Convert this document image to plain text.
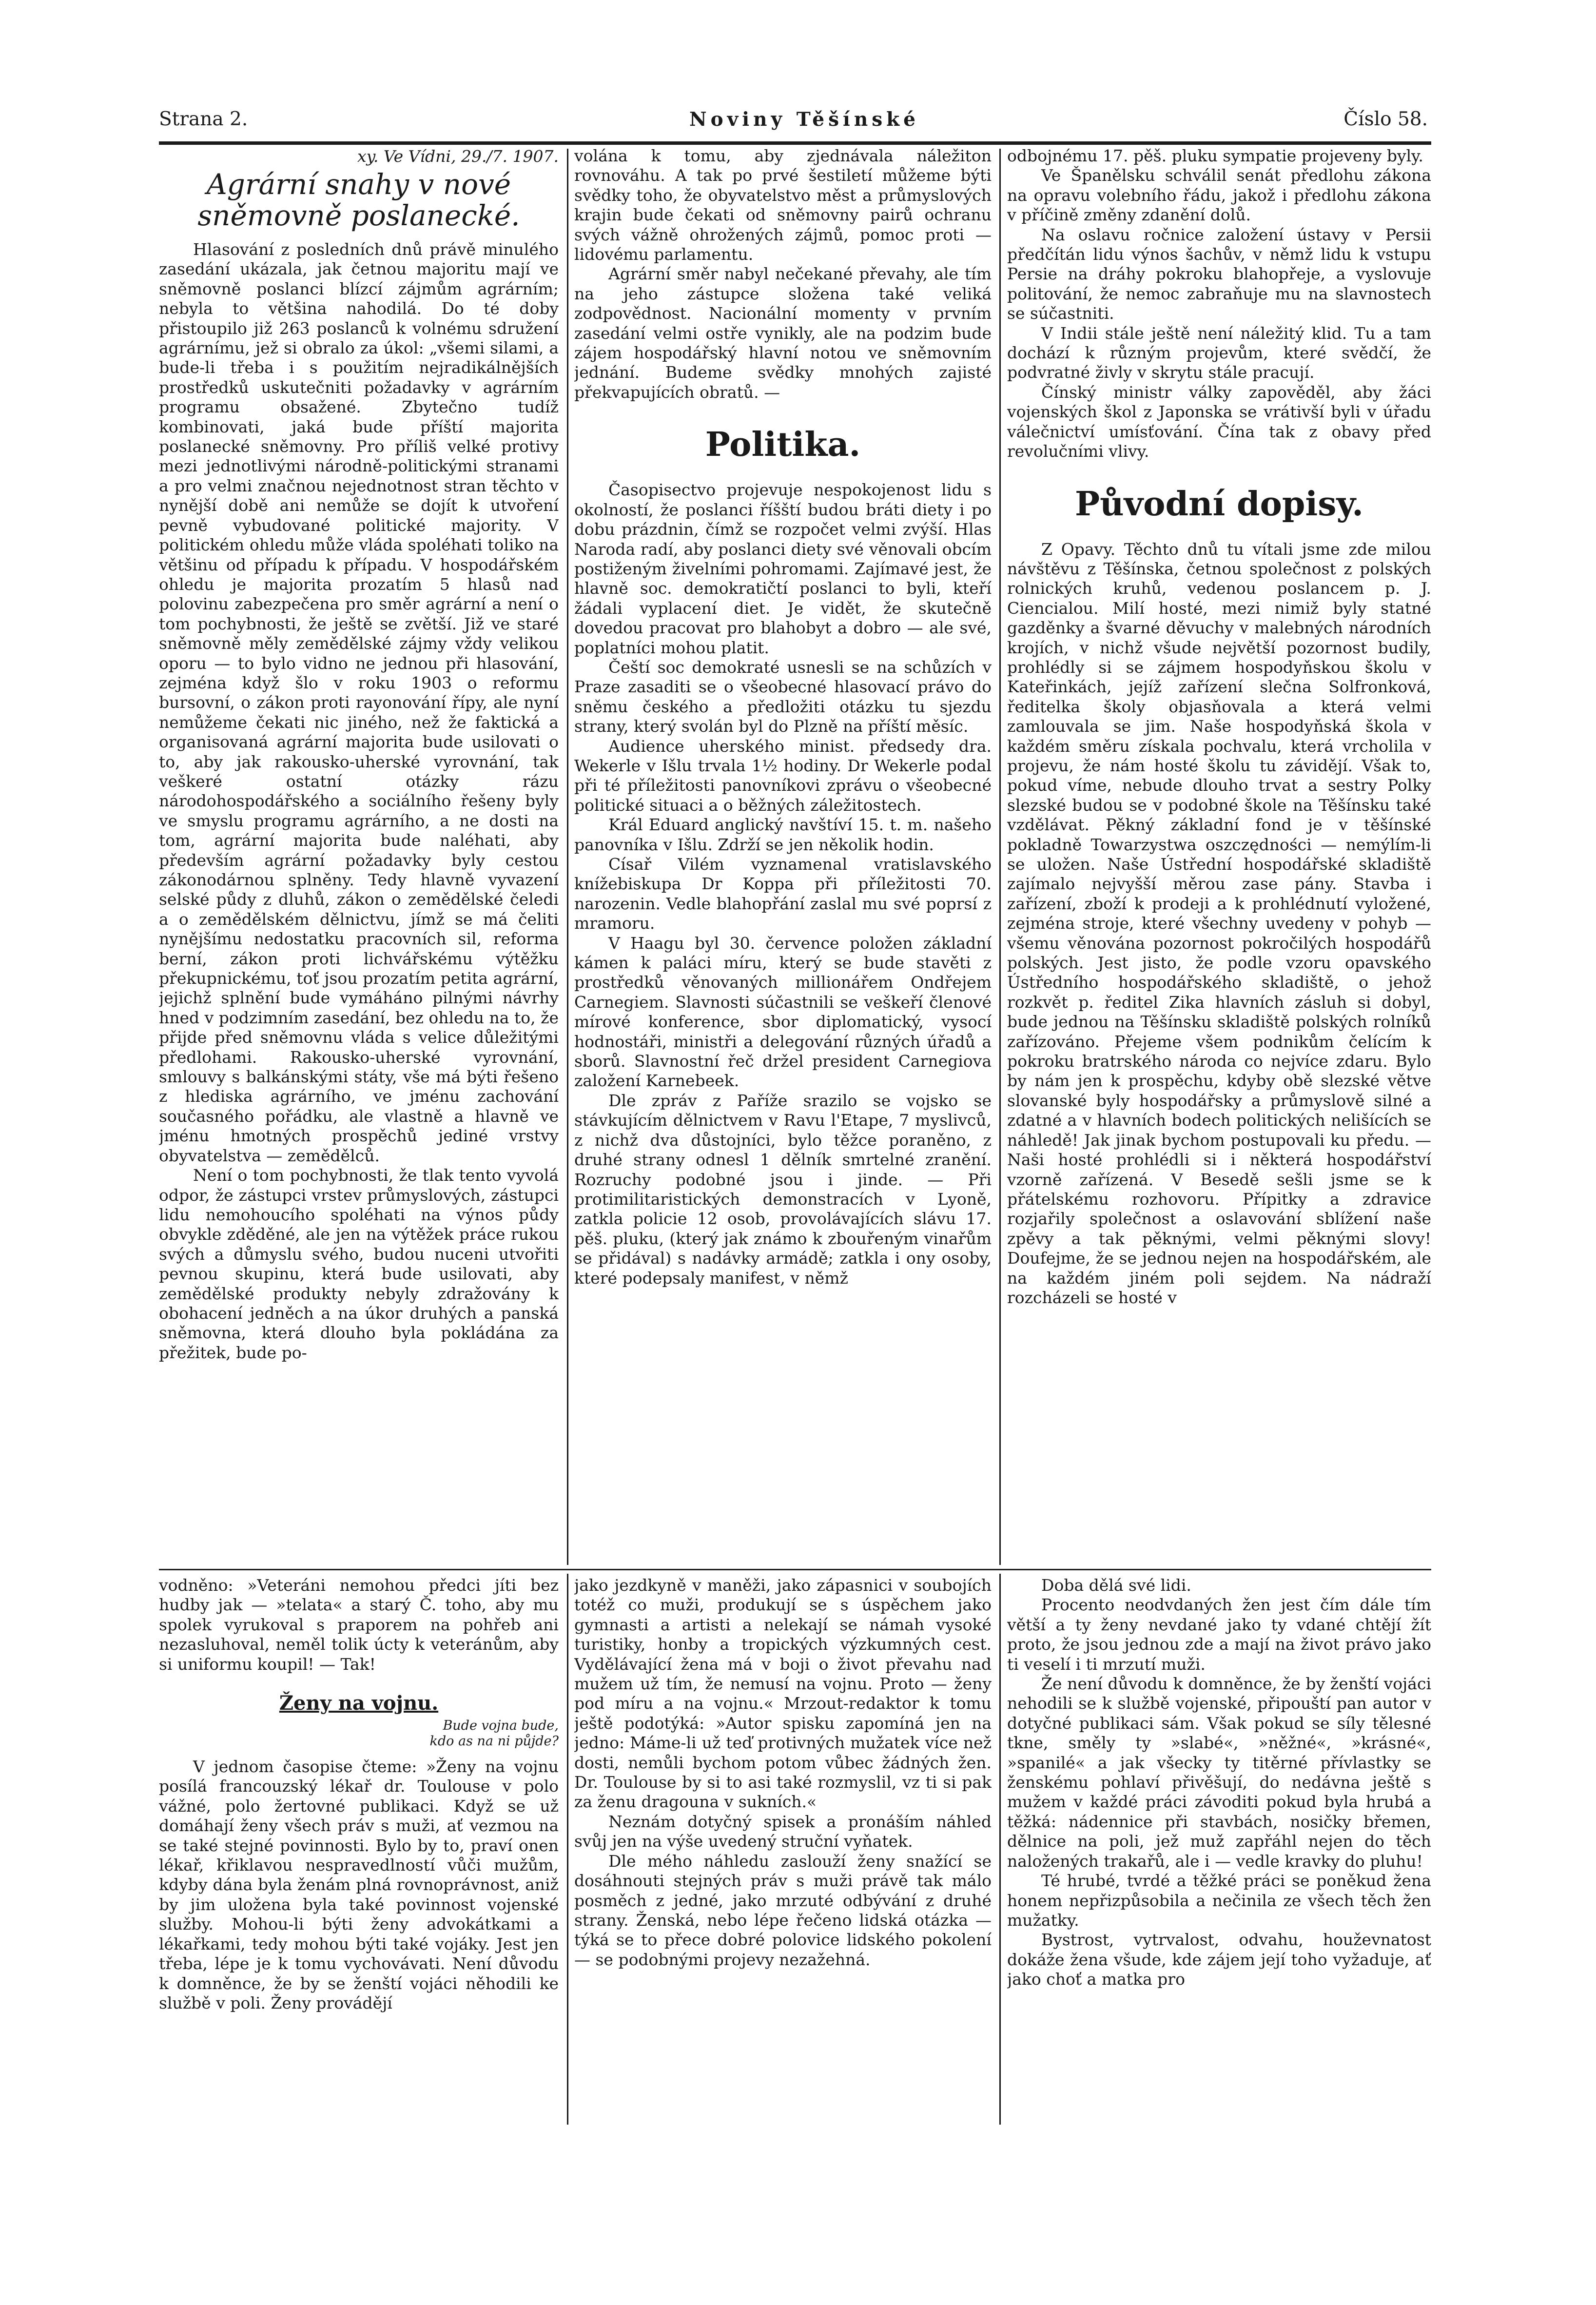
Strana 2.	Noviny Těšínské	Číslo 58.

xy. Ve Vídni, 29./7. 1907.

Agrární snahy v nové sněmovně poslanecké.

Hlasování z posledních dnů právě minulého zasedání ukázala, jak četnou majoritu mají ve sněmovně poslanci blízcí zájmům agrárním; nebyla to většina nahodilá. Do té doby přistoupilo již 263 poslanců k volnému sdružení agrárnímu, jež si obralo za úkol: „všemi silami, a bude-li třeba i s použitím nejradikálnějších prostředků uskutečniti požadavky v agrárním programu obsažené. Zbytečno tudíž kombinovati, jaká bude příští majorita poslanecké sněmovny. Pro příliš velké protivy mezi jednotlivými národně-politickými stranami a pro velmi značnou nejednotnost stran těchto v nynější době ani nemůže se dojít k utvoření pevně vybudované politické majority. V politickém ohledu může vláda spoléhati toliko na většinu od případu k případu. V hospodářském ohledu je majorita prozatím 5 hlasů nad polovinu zabezpečena pro směr agrární a není o tom pochybnosti, že ještě se zvětší. Již ve staré sněmovně měly zemědělské zájmy vždy velikou oporu — to bylo vidno ne jednou při hlasování, zejména když šlo v roku 1903 o reformu bursovní, o zákon proti rayonování řípy, ale nyní nemůžeme čekati nic jiného, než že faktická a organisovaná agrární majorita bude usilovati o to, aby jak rakousko-uherské vyrovnání, tak veškeré ostatní otázky rázu národohospodářského a sociálního řešeny byly ve smyslu programu agrárního, a ne dosti na tom, agrární majorita bude naléhati, aby především agrární požadavky byly cestou zákonodárnou splněny. Tedy hlavně vyvazení selské půdy z dluhů, zákon o zemědělské čeledi a o zemědělském dělnictvu, jímž se má čeliti nynějšímu nedostatku pracovních sil, reforma berní, zákon proti lichvářskému výtěžku překupnickému, toť jsou prozatím petita agrární, jejichž splnění bude vymáháno pilnými návrhy hned v podzimním zasedání, bez ohledu na to, že přijde před sněmovnu vláda s velice důležitými předlohami. Rakousko-uherské vyrovnání, smlouvy s balkánskými státy, vše má býti řešeno z hlediska agrárního, ve jménu zachování současného pořádku, ale vlastně a hlavně ve jménu hmotných prospěchů jediné vrstvy obyvatelstva — zemědělců.

Není o tom pochybnosti, že tlak tento vyvolá odpor, že zástupci vrstev průmyslových, zástupci lidu nemohoucího spoléhati na výnos půdy obvykle zděděné, ale jen na výtěžek práce rukou svých a důmyslu svého, budou nuceni utvořiti pevnou skupinu, která bude usilovati, aby zemědělské produkty nebyly zdražovány k obohacení jedněch a na úkor druhých a panská sněmovna, která dlouho byla pokládána za přežitek, bude po-

volána k tomu, aby zjednávala náležiton rovnováhu. A tak po prvé šestiletí můžeme býti svědky toho, že obyvatelstvo měst a průmyslových krajin bude čekati od sněmovny pairů ochranu svých vážně ohrožených zájmů, pomoc proti — lidovému parlamentu.

Agrární směr nabyl nečekané převahy, ale tím na jeho zástupce složena také veliká zodpovědnost. Nacionální momenty v prvním zasedání velmi ostře vynikly, ale na podzim bude zájem hospodářský hlavní notou ve sněmovním jednání. Budeme svědky mnohých zajisté překvapujících obratů. —

Politika.

Časopisectvo projevuje nespokojenost lidu s okolností, že poslanci říšští budou bráti diety i po dobu prázdnin, čímž se rozpočet velmi zvýší. Hlas Naroda radí, aby poslanci diety své věnovali obcím postiženým živelními pohromami. Zajímavé jest, že hlavně soc. demokratičtí poslanci to byli, kteří žádali vyplacení diet. Je vidět, že skutečně dovedou pracovat pro blahobyt a dobro — ale své, poplatníci mohou platit.

Čeští soc demokraté usnesli se na schůzích v Praze zasaditi se o všeobecné hlasovací právo do sněmu českého a předložiti otázku tu sjezdu strany, který svolán byl do Plzně na příští měsíc.

Audience uherského minist. předsedy dra. Wekerle v Išlu trvala 1½ hodiny. Dr Wekerle podal při té příležitosti panovníkovi zprávu o všeobecné politické situaci a o běžných záležitostech.

Král Eduard anglický navštíví 15. t. m. našeho panovníka v Išlu. Zdrží se jen několik hodin.

Císař Vilém vyznamenal vratislavského knížebiskupa Dr Koppa při příležitosti 70. narozenin. Vedle blahopřání zaslal mu své poprsí z mramoru.

V Haagu byl 30. července položen základní kámen k paláci míru, který se bude stavěti z prostředků věnovaných millionářem Ondřejem Carnegiem. Slavnosti súčastnili se veškeří členové mírové konference, sbor diplomatický, vysocí hodnostáři, ministři a delegování různých úřadů a sborů. Slavnostní řeč držel president Carnegiova založení Karnebeek.

Dle zpráv z Paříže srazilo se vojsko se stávkujícím dělnictvem v Ravu l'Etape, 7 myslivců, z nichž dva důstojníci, bylo těžce poraněno, z druhé strany odnesl 1 dělník smrtelné zranění. Rozruchy podobné jsou i jinde. — Při protimilitaristických demonstracích v Lyoně, zatkla policie 12 osob, provolávajících slávu 17. pěš. pluku, (který jak známo k zbouřeným vinařům se přidával) s nadávky armádě; zatkla i ony osoby, které podepsaly manifest, v němž

odbojnému 17. pěš. pluku sympatie projeveny byly.

Ve Španělsku schválil senát předlohu zákona na opravu volebního řádu, jakož i předlohu zákona v příčině změny zdanění dolů.

Na oslavu ročnice založení ústavy v Persii předčítán lidu výnos šachův, v němž lidu k vstupu Persie na dráhy pokroku blahopřeje, a vyslovuje politování, že nemoc zabraňuje mu na slavnostech se súčastniti.

V Indii stále ještě není náležitý klid. Tu a tam dochází k různým projevům, které svědčí, že podvratné živly v skrytu stále pracují.

Čínský ministr války zapověděl, aby žáci vojenských škol z Japonska se vrátivší byli v úřadu válečnictví umísťování. Čína tak z obavy před revolučními vlivy.

Původní dopisy.

Z Opavy. Těchto dnů tu vítali jsme zde milou návštěvu z Těšínska, četnou společnost z polských rolnických kruhů, vedenou poslancem p. J. Ciencialou. Milí hosté, mezi nimiž byly statné gazděnky a švarné děvuchy v malebných národních krojích, v nichž všude největší pozornost budily, prohlédly si se zájmem hospodyňskou školu v Kateřinkách, jejíž zařízení slečna Solfronková, ředitelka školy objasňovala a která velmi zamlouvala se jim. Naše hospodyňská škola v každém směru získala pochvalu, která vrcholila v projevu, že nám hosté školu tu závidějí. Však to, pokud víme, nebude dlouho trvat a sestry Polky slezské budou se v podobné škole na Těšínsku také vzdělávat. Pěkný základní fond je v těšínské pokladně Towarzystwa oszczędności — nemýlím-li se uložen. Naše Ústřední hospodářské skladiště zajímalo nejvyšší měrou zase pány. Stavba i zařízení, zboží k prodeji a k prohlédnutí vyložené, zejména stroje, které všechny uvedeny v pohyb — všemu věnována pozornost pokročilých hospodářů polských. Jest jisto, že podle vzoru opavského Ústředního hospodářského skladiště, o jehož rozkvět p. ředitel Zika hlavních zásluh si dobyl, bude jednou na Těšínsku skladiště polských rolníků zařízováno. Přejeme všem podnikům čelícím k pokroku bratrského národa co nejvíce zdaru. Bylo by nám jen k prospěchu, kdyby obě slezské větve slovanské byly hospodářsky a průmyslově silné a zdatné a v hlavních bodech politických nelišících se náhledě! Jak jinak bychom postupovali ku předu. — Naši hosté prohlédli si i některá hospodářství vzorně zařízená. V Besedě sešli jsme se k přátelskému rozhovoru. Přípitky a zdravice rozjařily společnost a oslavování sblížení naše zpěvy a tak pěknými, velmi pěknými slovy! Doufejme, že se jednou nejen na hospodářském, ale na každém jiném poli sejdem. Na nádraží rozcházeli se hosté v

vodněno: »Veteráni nemohou předci jíti bez hudby jak — »telata« a starý Č. toho, aby mu spolek vyrukoval s praporem na pohřeb ani nezasluhoval, neměl tolik úcty k veteránům, aby si uniformu koupil! — Tak!

Ženy na vojnu.
Bude vojna bude,
kdo as na ni půjde?

V jednom časopise čteme: »Ženy na vojnu posílá francouzský lékař dr. Toulouse v polo vážné, polo žertovné publikaci. Když se už domáhají ženy všech práv s muži, ať vezmou na se také stejné povinnosti. Bylo by to, praví onen lékař, křiklavou nespravedlností vůči mužům, kdyby dána byla ženám plná rovnoprávnost, aniž by jim uložena byla také povinnost vojenské služby. Mohou-li býti ženy advokátkami a lékařkami, tedy mohou býti také vojáky. Jest jen třeba, lépe je k tomu vychovávati. Není důvodu k domněnce, že by se ženští vojáci něhodili ke službě v poli. Ženy provádějí

jako jezdkyně v maněži, jako zápasnici v soubojích totéž co muži, produkují se s úspěchem jako gymnasti a artisti a nelekají se námah vysoké turistiky, honby a tropických výzkumných cest. Vydělávající žena má v boji o život převahu nad mužem už tím, že nemusí na vojnu. Proto — ženy pod míru a na vojnu.« Mrzout-redaktor k tomu ještě podotýká: »Autor spisku zapomíná jen na jedno: Máme-li už teď protivných mužatek více než dosti, nemůli bychom potom vůbec žádných žen. Dr. Toulouse by si to asi také rozmyslil, vz ti si pak za ženu dragouna v sukních.«

Neznám dotyčný spisek a pronáším náhled svůj jen na výše uvedený struční vyňatek.

Dle mého náhledu zaslouží ženy snažící se dosáhnouti stejných práv s muži právě tak málo posměch z jedné, jako mrzuté odbývání z druhé strany. Ženská, nebo lépe řečeno lidská otázka — týká se to přece dobré polovice lidského pokolení — se podobnými projevy nezažehná.

Doba dělá své lidi.

Procento neodvdaných žen jest čím dále tím větší a ty ženy nevdané jako ty vdané chtějí žít proto, že jsou jednou zde a mají na život právo jako ti veselí i ti mrzutí muži.

Že není důvodu k domněnce, že by ženští vojáci nehodili se k službě vojenské, připouští pan autor v dotyčné publikaci sám. Však pokud se síly tělesné tkne, směly ty »slabé«, »něžné«, »krásné«, »spanilé« a jak všecky ty titěrné přívlastky se ženskému pohlaví přivěšují, do nedávna ještě s mužem v každé práci závoditi pokud byla hrubá a těžká: nádennice při stavbách, nosičky břemen, dělnice na poli, jež muž zapřáhl nejen do těch naložených trakařů, ale i — vedle kravky do pluhu!

Té hrubé, tvrdé a těžké práci se poněkud žena honem nepřizpůsobila a nečinila ze všech těch žen mužatky.

Bystrost, vytrvalost, odvahu, houževnatost dokáže žena všude, kde zájem její toho vyžaduje, ať jako choť a matka pro
